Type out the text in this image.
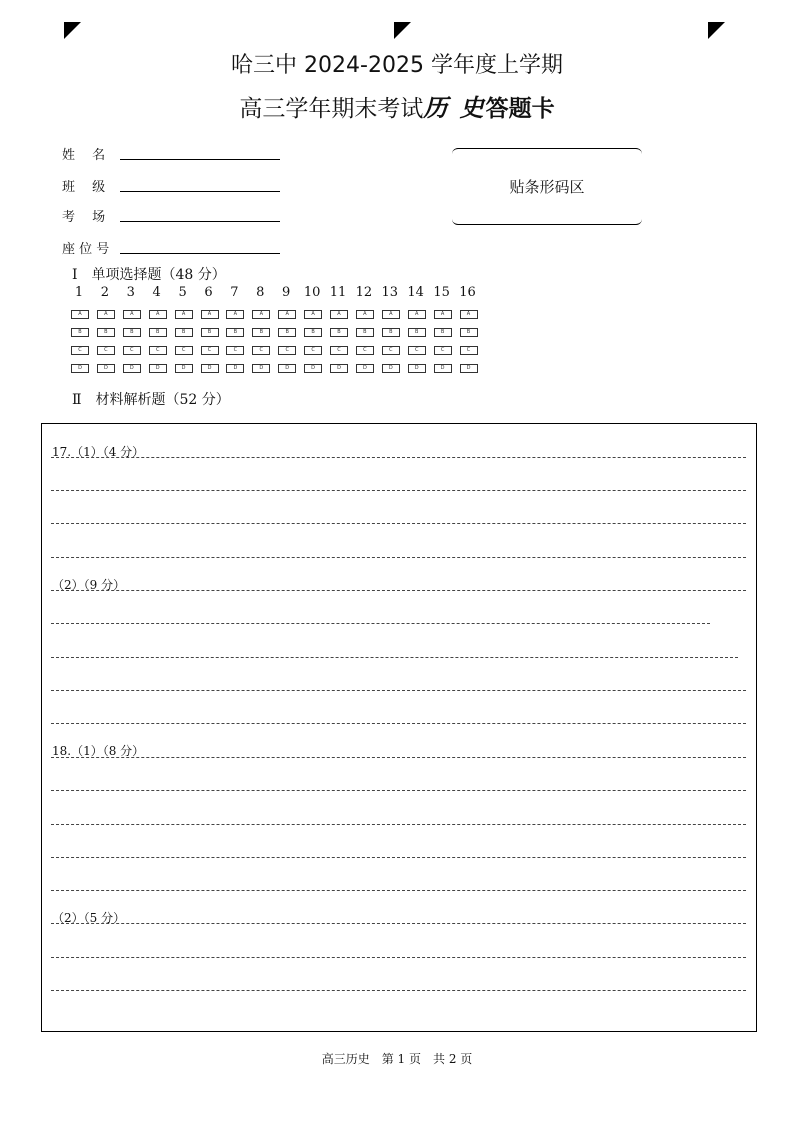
哈三中 2024-2025 学年度上学期
高三学年期末考试历 史答题卡
姓　 名
班　 级
考　 场
座 位 号
贴条形码区
Ⅰ　单项选择题（48 分）
1
A
B
C
D
2
A
B
C
D
3
A
B
C
D
4
A
B
C
D
5
A
B
C
D
6
A
B
C
D
7
A
B
C
D
8
A
B
C
D
9
A
B
C
D
10
A
B
C
D
11
A
B
C
D
12
A
B
C
D
13
A
B
C
D
14
A
B
C
D
15
A
B
C
D
16
A
B
C
D
Ⅱ　材料解析题（52 分）
17.（1）（4 分）
（2）（9 分）
18.（1）（8 分）
（2）（5 分）
高三历史　第 1 页　共 2 页
